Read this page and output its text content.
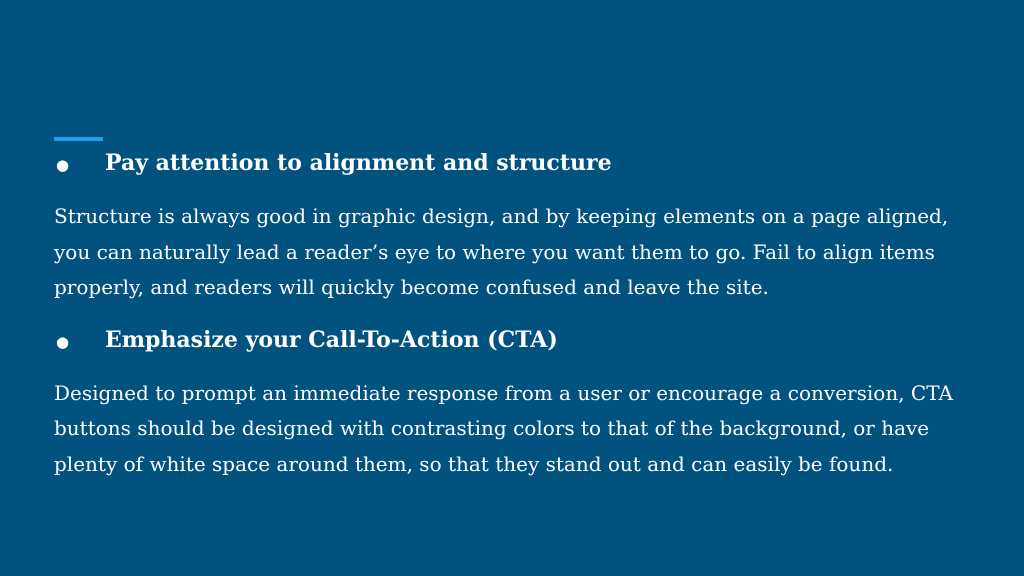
●	Pay attention to alignment and structure

Structure is always good in graphic design, and by keeping elements on a page aligned, you can naturally lead a reader’s eye to where you want them to go. Fail to align items properly, and readers will quickly become confused and leave the site.

●	Emphasize your Call-To-Action (CTA)

Designed to prompt an immediate response from a user or encourage a conversion, CTA buttons should be designed with contrasting colors to that of the background, or have plenty of white space around them, so that they stand out and can easily be found.
